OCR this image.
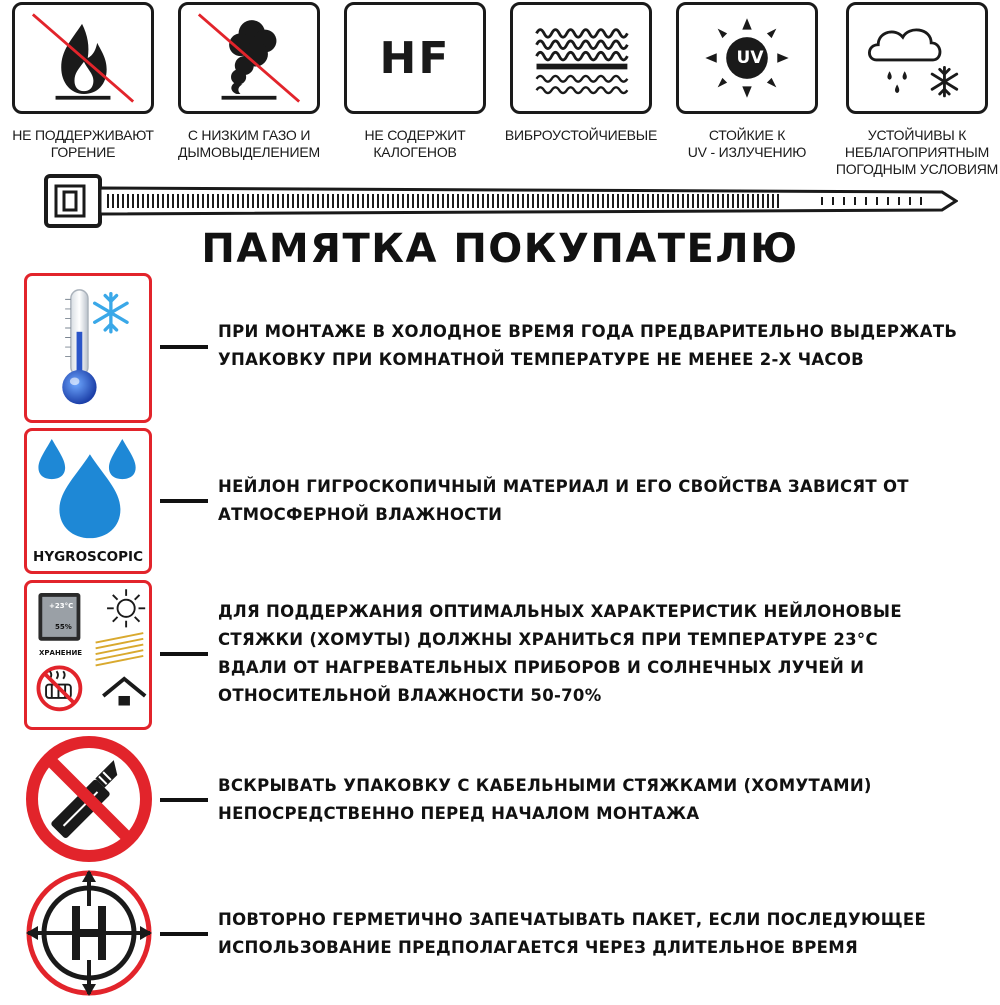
HF	UV
НЕ ПОДДЕРЖИВАЮТ
ГОРЕНИЕ
С НИЗКИМ ГАЗО И
ДЫМОВЫДЕЛЕНИЕМ
НЕ СОДЕРЖИТ
КАЛОГЕНОВ
ВИБРОУСТОЙЧИЕВЫЕ	СТОЙКИЕ К
UV - ИЗЛУЧЕНИЮ
УСТОЙЧИВЫ К
НЕБЛАГОПРИЯТНЫМ
ПОГОДНЫМ УСЛОВИЯМ
ПАМЯТКА ПОКУПАТЕЛЮ
ПРИ МОНТАЖЕ В ХОЛОДНОЕ ВРЕМЯ ГОДА ПРЕДВАРИТЕЛЬНО ВЫДЕРЖАТЬ
УПАКОВКУ ПРИ КОМНАТНОЙ ТЕМПЕРАТУРЕ НЕ МЕНЕЕ 2-Х ЧАСОВ
HYGROSCOPIC
НЕЙЛОН ГИГРОСКОПИЧНЫЙ МАТЕРИАЛ И ЕГО СВОЙСТВА ЗАВИСЯТ ОТ
АТМОСФЕРНОЙ ВЛАЖНОСТИ
+23°C
55%
ХРАНЕНИЕ
ДЛЯ ПОДДЕРЖАНИЯ ОПТИМАЛЬНЫХ ХАРАКТЕРИСТИК НЕЙЛОНОВЫЕ
СТЯЖКИ (ХОМУТЫ) ДОЛЖНЫ ХРАНИТЬСЯ ПРИ ТЕМПЕРАТУРЕ 23°C
ВДАЛИ ОТ НАГРЕВАТЕЛЬНЫХ ПРИБОРОВ И СОЛНЕЧНЫХ ЛУЧЕЙ И
ОТНОСИТЕЛЬНОЙ ВЛАЖНОСТИ 50-70%
ВСКРЫВАТЬ УПАКОВКУ С КАБЕЛЬНЫМИ СТЯЖКАМИ (ХОМУТАМИ)
НЕПОСРЕДСТВЕННО ПЕРЕД НАЧАЛОМ МОНТАЖА
ПОВТОРНО ГЕРМЕТИЧНО ЗАПЕЧАТЫВАТЬ ПАКЕТ, ЕСЛИ ПОСЛЕДУЮЩЕЕ
ИСПОЛЬЗОВАНИЕ ПРЕДПОЛАГАЕТСЯ ЧЕРЕЗ ДЛИТЕЛЬНОЕ ВРЕМЯ
